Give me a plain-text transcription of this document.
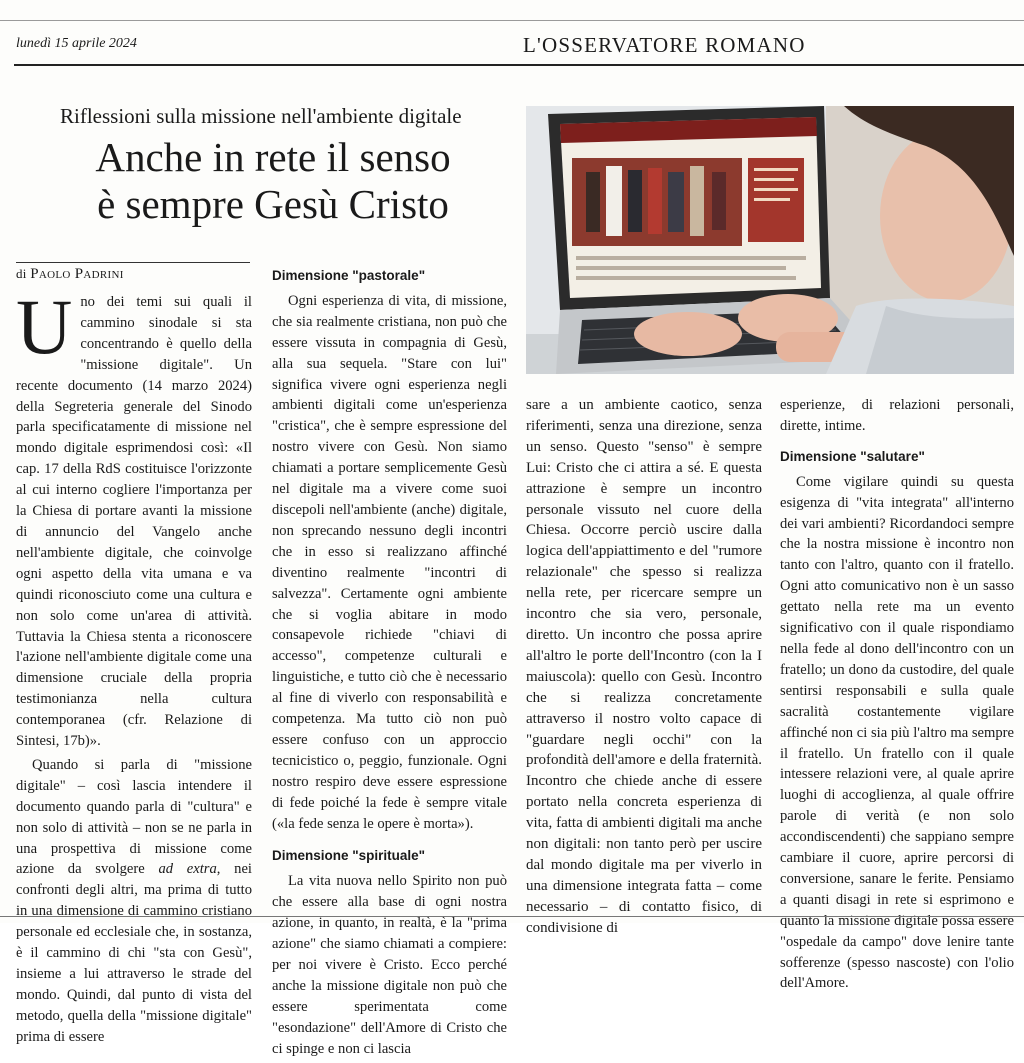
lunedì 15 aprile 2024	L'OSSERVATORE ROMANO
Riflessioni sulla missione nell'ambiente digitale
Anche in rete il senso
è sempre Gesù Cristo
di Paolo Padrini

Uno dei temi sui quali il cammino sinodale si sta concentrando è quello della "missione digitale". Un recente documento (14 marzo 2024) della Segreteria generale del Sinodo parla specificatamente di missione nel mondo digitale esprimendosi così: «Il cap. 17 della RdS costituisce l'orizzonte al cui interno cogliere l'importanza per la Chiesa di portare avanti la missione di annuncio del Vangelo anche nell'ambiente digitale, che coinvolge ogni aspetto della vita umana e va quindi riconosciuto come una cultura e non solo come un'area di attività. Tuttavia la Chiesa stenta a riconoscere l'azione nell'ambiente digitale come una dimensione cruciale della propria testimonianza nella cultura contemporanea (cfr. Relazione di Sintesi, 17b)».

Quando si parla di "missione digitale" – così lascia intendere il documento quando parla di "cultura" e non solo di attività – non se ne parla in una prospettiva di missione come azione da svolgere ad extra, nei confronti degli altri, ma prima di tutto in una dimensione di cammino cristiano personale ed ecclesiale che, in sostanza, è il cammino di chi "sta con Gesù", insieme a lui attraverso le strade del mondo. Quindi, dal punto di vista del metodo, quella della "missione digitale" prima di essere

Dimensione "pastorale"

Ogni esperienza di vita, di missione, che sia realmente cristiana, non può che essere vissuta in compagnia di Gesù, alla sua sequela. "Stare con lui" significa vivere ogni esperienza negli ambienti digitali come un'esperienza "cristica", che è sempre espressione del nostro vivere con Gesù. Non siamo chiamati a portare semplicemente Gesù nel digitale ma a vivere come suoi discepoli nell'ambiente (anche) digitale, non sprecando nessuno degli incontri che in esso si realizzano affinché diventino realmente "incontri di salvezza". Certamente ogni ambiente che si voglia abitare in modo consapevole richiede "chiavi di accesso", competenze culturali e linguistiche, e tutto ciò che è necessario al fine di viverlo con responsabilità e competenza. Ma tutto ciò non può essere confuso con un approccio tecnicistico o, peggio, funzionale. Ogni nostro respiro deve essere espressione di fede poiché la fede è sempre vitale («la fede senza le opere è morta»).

Dimensione "spirituale"

La vita nuova nello Spirito non può che essere alla base di ogni nostra azione, in quanto, in realtà, è la "prima azione" che siamo chiamati a compiere: per noi vivere è Cristo. Ecco perché anche la missione digitale non può che essere sperimentata come "esondazione" dell'Amore di Cristo che ci spinge e non ci lascia

sare a un ambiente caotico, senza riferimenti, senza una direzione, senza un senso. Questo "senso" è sempre Lui: Cristo che ci attira a sé. E questa attrazione è sempre un incontro personale vissuto nel cuore della Chiesa. Occorre perciò uscire dalla logica dell'appiattimento e del "rumore relazionale" che spesso si realizza nella rete, per ricercare sempre un incontro che sia vero, personale, diretto. Un incontro che possa aprire all'altro le porte dell'Incontro (con la I maiuscola): quello con Gesù. Incontro che si realizza concretamente attraverso il nostro volto capace di "guardare negli occhi" con la profondità dell'amore e della fraternità. Incontro che chiede anche di essere portato nella concreta esperienza di vita, fatta di ambienti digitali ma anche non digitali: non tanto però per uscire dal mondo digitale ma per viverlo in una dimensione integrata fatta – come necessario – di contatto fisico, di condivisione di

esperienze, di relazioni personali, dirette, intime.

Dimensione "salutare"

Come vigilare quindi su questa esigenza di "vita integrata" all'interno dei vari ambienti? Ricordandoci sempre che la nostra missione è incontro non tanto con l'altro, quanto con il fratello. Ogni atto comunicativo non è un sasso gettato nella rete ma un evento significativo con il quale rispondiamo nella fede al dono dell'incontro con un fratello; un dono da custodire, del quale sentirsi responsabili e sulla quale sacralità costantemente vigilare affinché non ci sia più l'altro ma sempre il fratello. Un fratello con il quale intessere relazioni vere, al quale aprire luoghi di accoglienza, al quale offrire parole di verità (e non solo accondiscendenti) che sappiano sempre cambiare il cuore, aprire percorsi di conversione, sanare le ferite. Pensiamo a quanti disagi in rete si esprimono e quanto la missione digitale possa essere "ospedale da campo" dove lenire tante sofferenze (spesso nascoste) con l'olio dell'Amore.
